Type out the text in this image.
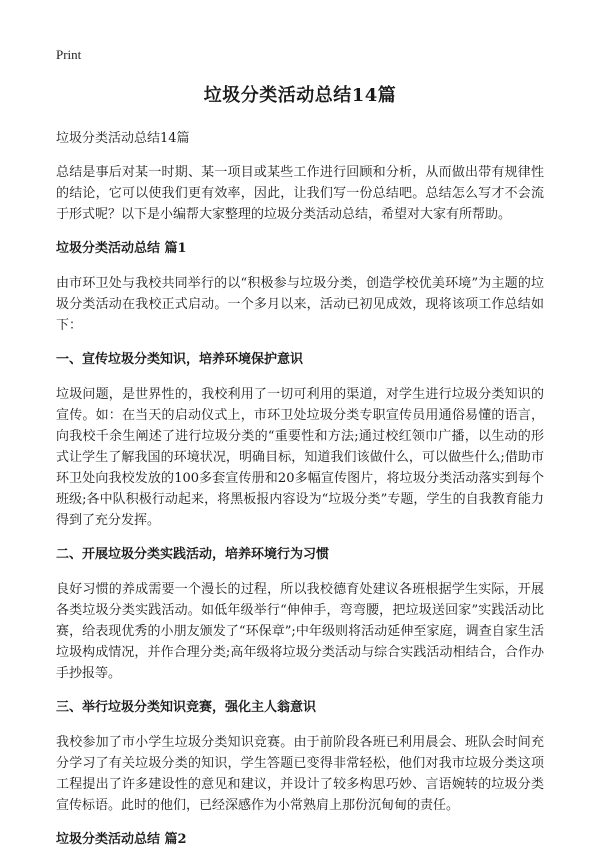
Print
垃圾分类活动总结14篇
垃圾分类活动总结14篇

总结是事后对某一时期、某一项目或某些工作进行回顾和分析，从而做出带有规律性的结论，它可以使我们更有效率，因此，让我们写一份总结吧。总结怎么写才不会流于形式呢？以下是小编帮大家整理的垃圾分类活动总结，希望对大家有所帮助。

垃圾分类活动总结 篇1

由市环卫处与我校共同举行的以“积极参与垃圾分类，创造学校优美环境”为主题的垃圾分类活动在我校正式启动。一个多月以来，活动已初见成效，现将该项工作总结如下：

一、宣传垃圾分类知识，培养环境保护意识

垃圾问题，是世界性的，我校利用了一切可利用的渠道，对学生进行垃圾分类知识的宣传。如：在当天的启动仪式上，市环卫处垃圾分类专职宣传员用通俗易懂的语言，向我校千余生阐述了进行垃圾分类的“重要性和方法;通过校红领巾广播，以生动的形式让学生了解我国的环境状况，明确目标，知道我们该做什么，可以做些什么;借助市环卫处向我校发放的100多套宣传册和20多幅宣传图片，将垃圾分类活动落实到每个班级;各中队积极行动起来，将黑板报内容设为“垃圾分类”专题，学生的自我教育能力得到了充分发挥。

二、开展垃圾分类实践活动，培养环境行为习惯

良好习惯的养成需要一个漫长的过程，所以我校德育处建议各班根据学生实际，开展各类垃圾分类实践活动。如低年级举行“伸伸手，弯弯腰，把垃圾送回家”实践活动比赛，给表现优秀的小朋友颁发了“环保章”;中年级则将活动延伸至家庭，调查自家生活垃圾构成情况，并作合理分类;高年级将垃圾分类活动与综合实践活动相结合，合作办手抄报等。

三、举行垃圾分类知识竞赛，强化主人翁意识

我校参加了市小学生垃圾分类知识竞赛。由于前阶段各班已利用晨会、班队会时间充分学习了有关垃圾分类的知识，学生答题已变得非常轻松，他们对我市垃圾分类这项工程提出了许多建设性的意见和建议，并设计了较多构思巧妙、言语婉转的垃圾分类宣传标语。此时的他们，已经深感作为小常熟肩上那份沉甸甸的责任。

垃圾分类活动总结 篇2
